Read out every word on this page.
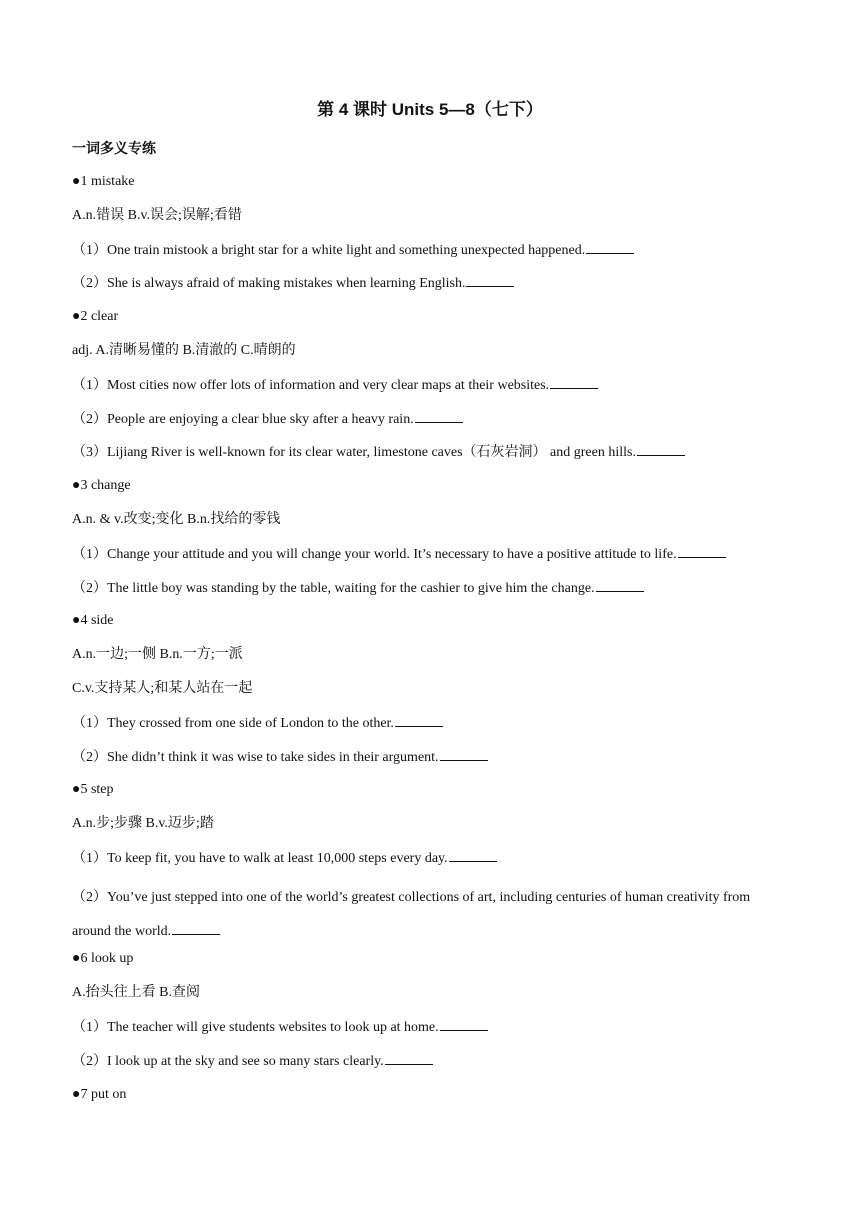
第 4 课时 Units 5—8（七下）
一词多义专练
●1 mistake
A.n.错误 B.v.误会;误解;看错
（1）One train mistook a bright star for a white light and something unexpected happened.
（2）She is always afraid of making mistakes when learning English.
●2 clear
adj. A.清晰易懂的 B.清澈的 C.晴朗的
（1）Most cities now offer lots of information and very clear maps at their websites.
（2）People are enjoying a clear blue sky after a heavy rain.
（3）Lijiang River is well-known for its clear water, limestone caves（石灰岩洞） and green hills.
●3 change
A.n. & v.改变;变化 B.n.找给的零钱
（1）Change your attitude and you will change your world. It’s necessary to have a positive attitude to life.
（2）The little boy was standing by the table, waiting for the cashier to give him the change.
●4 side
A.n.一边;一侧 B.n.一方;一派
C.v.支持某人;和某人站在一起
（1）They crossed from one side of London to the other.
（2）She didn’t think it was wise to take sides in their argument.
●5 step
A.n.步;步骤 B.v.迈步;踏
（1）To keep fit, you have to walk at least 10,000 steps every day.
（2）You’ve just stepped into one of the world’s greatest collections of art, including centuries of human creativity from around the world.
●6 look up
A.抬头往上看 B.查阅
（1）The teacher will give students websites to look up at home.
（2）I look up at the sky and see so many stars clearly.
●7 put on
